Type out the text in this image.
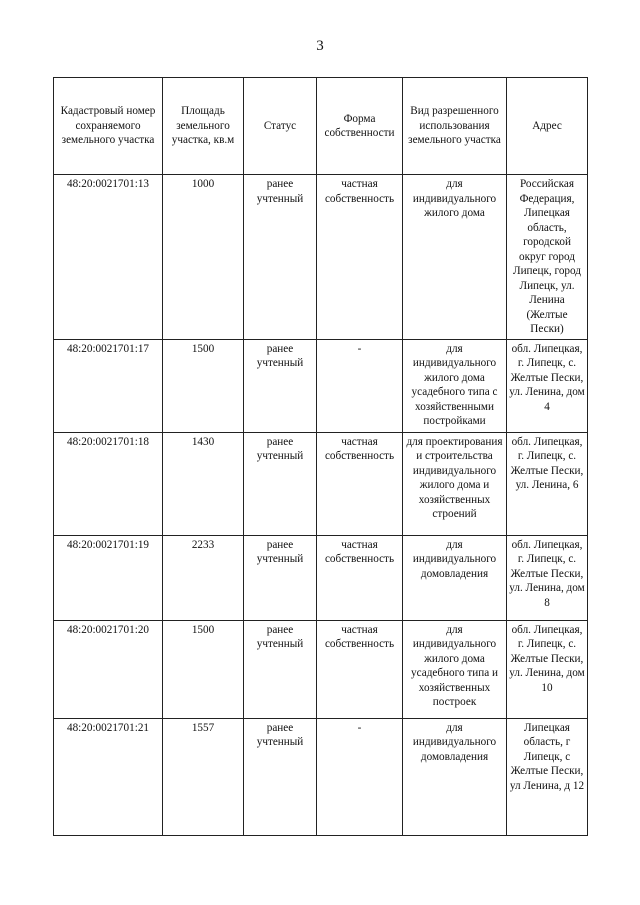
3
Кадастровый номер сохраняемого земельного участка	Площадь земельного участка, кв.м	Статус	Форма собственности	Вид разрешенного использования земельного участка	Адрес
48:20:0021701:13	1000	ранее учтенный	частная собственность	для индивидуального жилого дома	Российская Федерация, Липецкая область, городской округ город Липецк, город Липецк, ул. Ленина (Желтые Пески)
48:20:0021701:17	1500	ранее учтенный	-	для индивидуального жилого дома усадебного типа с хозяйственными постройками	обл. Липецкая, г. Липецк, с. Желтые Пески, ул. Ленина, дом 4
48:20:0021701:18	1430	ранее учтенный	частная собственность	для проектирования и строительства индивидуального жилого дома и хозяйственных строений	обл. Липецкая, г. Липецк, с. Желтые Пески, ул. Ленина, 6
48:20:0021701:19	2233	ранее учтенный	частная собственность	для индивидуального домовладения	обл. Липецкая, г. Липецк, с. Желтые Пески, ул. Ленина, дом 8
48:20:0021701:20	1500	ранее учтенный	частная собственность	для индивидуального жилого дома усадебного типа и хозяйственных построек	обл. Липецкая, г. Липецк, с. Желтые Пески, ул. Ленина, дом 10
48:20:0021701:21	1557	ранее учтенный	-	для индивидуального домовладения	Липецкая область, г Липецк, с Желтые Пески, ул Ленина, д 12
